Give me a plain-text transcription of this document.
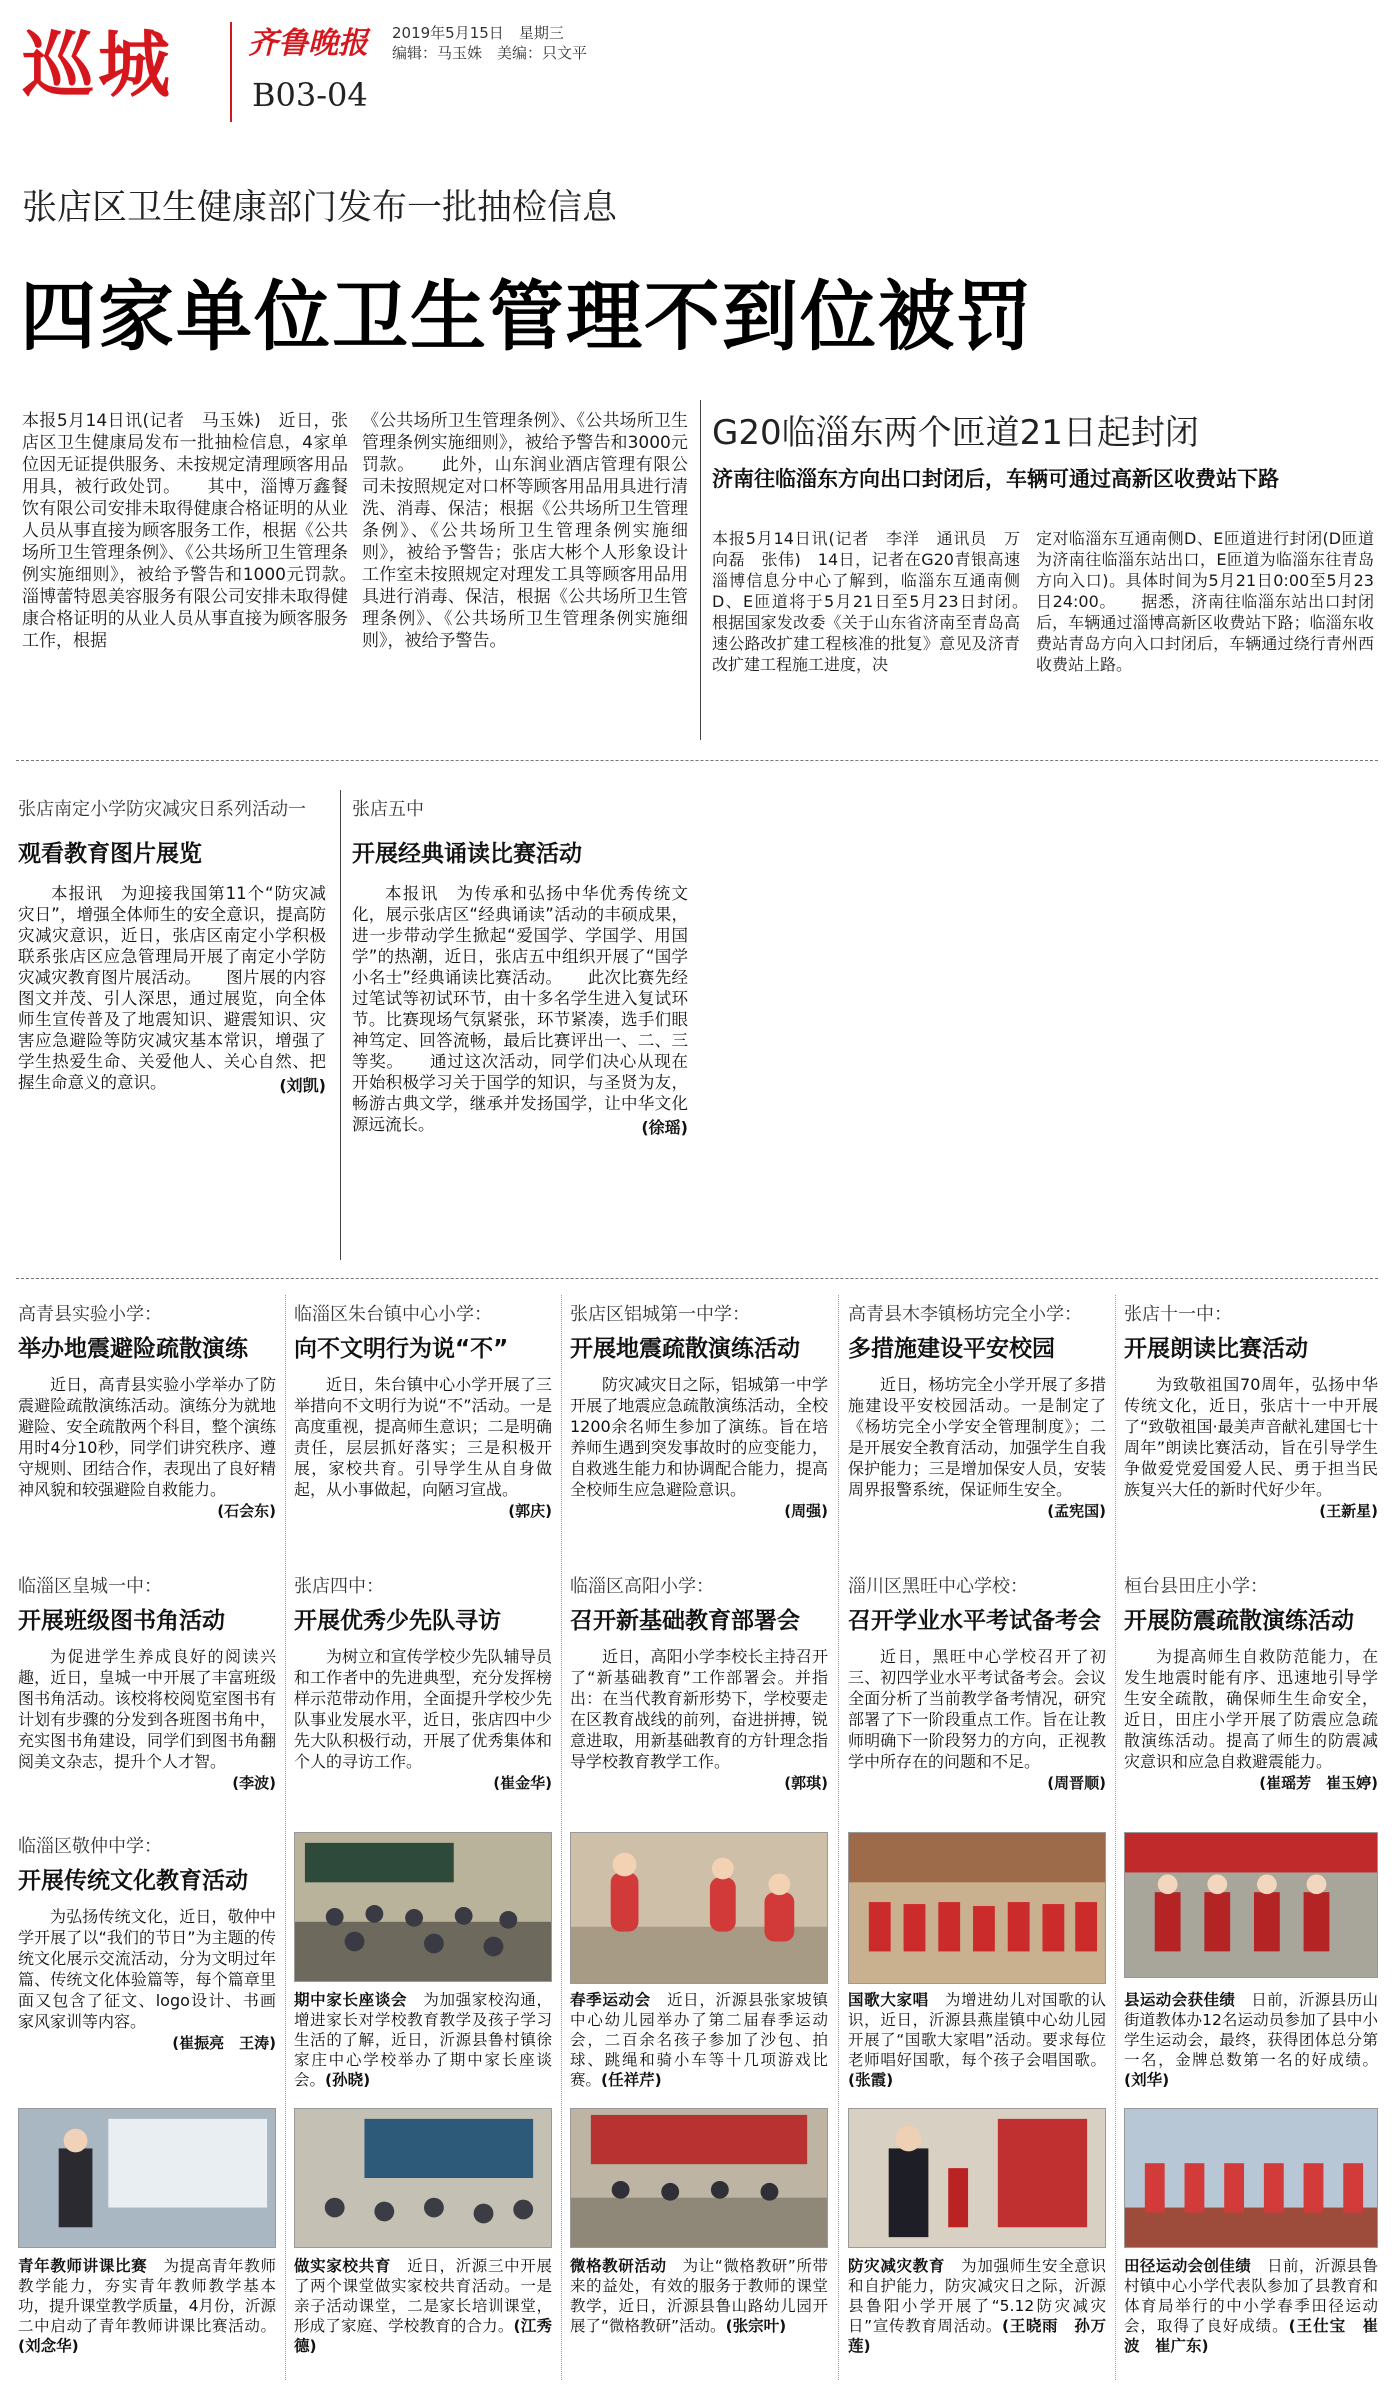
巡城 齐鲁晚报 2019年5月15日　 星期三
编辑：马玉姝　美编：只文平
B03-04
张店区卫生健康部门发布一批抽检信息
四家单位卫生管理不到位被罚
本报5月14日讯(记者　马玉姝)　近日，张店区卫生健康局发布一批抽检信息，4家单位因无证提供服务、未按规定清理顾客用品用具，被行政处罚。　　其中，淄博万鑫餐饮有限公司安排未取得健康合格证明的从业人员从事直接为顾客服务工作，根据《公共场所卫生管理条例》、《公共场所卫生管理条例实施细则》，被给予警告和1000元罚款。　　淄博蕾特恩美容服务有限公司安排未取得健康合格证明的从业人员从事直接为顾客服务工作，根据
《公共场所卫生管理条例》、《公共场所卫生管理条例实施细则》，被给予警告和3000元罚款。　　此外，山东润业酒店管理有限公司未按照规定对口杯等顾客用品用具进行清洗、消毒、保洁；根据《公共场所卫生管理条例》、《公共场所卫生管理条例实施细则》，被给予警告；张店大彬个人形象设计工作室未按照规定对理发工具等顾客用品用具进行消毒、保洁，根据《公共场所卫生管理条例》、《公共场所卫生管理条例实施细则》，被给予警告。
G20临淄东两个匝道21日起封闭
济南往临淄东方向出口封闭后，车辆可通过高新区收费站下路
本报5月14日讯(记者　李洋　通讯员　万向磊　张伟)　14日，记者在G20青银高速淄博信息分中心了解到，临淄东互通南侧D、E匝道将于5月21日至5月23日封闭。　　根据国家发改委《关于山东省济南至青岛高速公路改扩建工程核准的批复》意见及济青改扩建工程施工进度，决
定对临淄东互通南侧D、E匝道进行封闭(D匝道为济南往临淄东站出口，E匝道为临淄东往青岛方向入口)。具体时间为5月21日0:00至5月23日24:00。　　据悉，济南往临淄东站出口封闭后，车辆通过淄博高新区收费站下路；临淄东收费站青岛方向入口封闭后，车辆通过绕行青州西收费站上路。
张店南定小学防灾减灾日系列活动一
观看教育图片展览
本报讯　为迎接我国第11个“防灾减灾日”，增强全体师生的安全意识，提高防灾减灾意识，近日，张店区南定小学积极联系张店区应急管理局开展了南定小学防灾减灾教育图片展活动。　　图片展的内容图文并茂、引人深思，通过展览，向全体师生宣传普及了地震知识、避震知识、灾害应急避险等防灾减灾基本常识，增强了学生热爱生命、关爱他人、关心自然、把握生命意义的意识。	(刘凯)
张店五中
开展经典诵读比赛活动
本报讯　为传承和弘扬中华优秀传统文化，展示张店区“经典诵读”活动的丰硕成果，进一步带动学生掀起“爱国学、学国学、用国学”的热潮，近日，张店五中组织开展了“国学小名士”经典诵读比赛活动。　　此次比赛先经过笔试等初试环节，由十多名学生进入复试环节。比赛现场气氛紧张，环节紧凑，选手们眼神笃定、回答流畅，最后比赛评出一、二、三等奖。　　通过这次活动，同学们决心从现在开始积极学习关于国学的知识，与圣贤为友，畅游古典文学，继承并发扬国学，让中华文化源远流长。	(徐瑶)
高青县实验小学：
举办地震避险疏散演练
近日，高青县实验小学举办了防震避险疏散演练活动。演练分为就地避险、安全疏散两个科目，整个演练用时4分10秒，同学们讲究秩序、遵守规则、团结合作，表现出了良好精神风貌和较强避险自救能力。
(石会东)
临淄区朱台镇中心小学：
向不文明行为说“不”
近日，朱台镇中心小学开展了三举措向不文明行为说“不”活动。一是高度重视，提高师生意识；二是明确责任，层层抓好落实；三是积极开展，家校共育。引导学生从自身做起，从小事做起，向陋习宣战。
(郭庆)
张店区铝城第一中学：
开展地震疏散演练活动
防灾减灾日之际，铝城第一中学开展了地震应急疏散演练活动，全校1200余名师生参加了演练。旨在培养师生遇到突发事故时的应变能力，自救逃生能力和协调配合能力，提高全校师生应急避险意识。
(周强)
高青县木李镇杨坊完全小学：
多措施建设平安校园
近日，杨坊完全小学开展了多措施建设平安校园活动。一是制定了《杨坊完全小学安全管理制度》；二是开展安全教育活动，加强学生自我保护能力；三是增加保安人员，安装周界报警系统，保证师生安全。
(孟宪国)
张店十一中：
开展朗读比赛活动
为致敬祖国70周年，弘扬中华传统文化，近日，张店十一中开展了“致敬祖国·最美声音献礼建国七十周年”朗读比赛活动，旨在引导学生争做爱党爱国爱人民、勇于担当民族复兴大任的新时代好少年。
(王新星)
临淄区皇城一中：
开展班级图书角活动
为促进学生养成良好的阅读兴趣，近日，皇城一中开展了丰富班级图书角活动。该校将校阅览室图书有计划有步骤的分发到各班图书角中，充实图书角建设，同学们到图书角翻阅美文杂志，提升个人才智。
(李波)
张店四中：
开展优秀少先队寻访
为树立和宣传学校少先队辅导员和工作者中的先进典型，充分发挥榜样示范带动作用，全面提升学校少先队事业发展水平，近日，张店四中少先大队积极行动，开展了优秀集体和个人的寻访工作。
(崔金华)
临淄区高阳小学：
召开新基础教育部署会
近日，高阳小学李校长主持召开了“新基础教育”工作部署会。并指出：在当代教育新形势下，学校要走在区教育战线的前列，奋进拼搏，锐意进取，用新基础教育的方针理念指导学校教育教学工作。
(郭琪)
淄川区黑旺中心学校：
召开学业水平考试备考会
近日，黑旺中心学校召开了初三、初四学业水平考试备考会。会议全面分析了当前教学备考情况，研究部署了下一阶段重点工作。旨在让教师明确下一阶段努力的方向，正视教学中所存在的问题和不足。
(周晋顺)
桓台县田庄小学：
开展防震疏散演练活动
为提高师生自救防范能力，在发生地震时能有序、迅速地引导学生安全疏散，确保师生生命安全，近日，田庄小学开展了防震应急疏散演练活动。提高了师生的防震减灾意识和应急自救避震能力。
(崔瑶芳　崔玉婷)
临淄区敬仲中学：
开展传统文化教育活动
为弘扬传统文化，近日，敬仲中学开展了以“我们的节日”为主题的传统文化展示交流活动，分为文明过年篇、传统文化体验篇等，每个篇章里面又包含了征文、logo设计、书画家风家训等内容。
(崔振亮　王涛)
期中家长座谈会　 为加强家校沟通，增进家长对学校教育教学及孩子学习生活的了解，近日，沂源县鲁村镇徐家庄中心学校举办了期中家长座谈会。(孙晓)
春季运动会　 近日，沂源县张家坡镇中心幼儿园举办了第二届春季运动会，二百余名孩子参加了沙包、拍球、跳绳和骑小车等十几项游戏比赛。(任祥芹)
国歌大家唱　 为增进幼儿对国歌的认识，近日，沂源县燕崖镇中心幼儿园开展了“国歌大家唱”活动。要求每位老师唱好国歌，每个孩子会唱国歌。(张霞)
县运动会获佳绩　 日前，沂源县历山街道教体办12名运动员参加了县中小学生运动会，最终，获得团体总分第一名，金牌总数第一名的好成绩。(刘华)
青年教师讲课比赛　 为提高青年教师教学能力，夯实青年教师教学基本功，提升课堂教学质量，4月份，沂源二中启动了青年教师讲课比赛活动。(刘念华)
做实家校共育　 近日，沂源三中开展了两个课堂做实家校共育活动。一是亲子活动课堂，二是家长培训课堂，形成了家庭、学校教育的合力。(江秀德)
微格教研活动　 为让“微格教研”所带来的益处，有效的服务于教师的课堂教学，近日，沂源县鲁山路幼儿园开展了“微格教研”活动。(张宗叶)
防灾减灾教育　 为加强师生安全意识和自护能力，防灾减灾日之际，沂源县鲁阳小学开展了“5.12防灾减灾日”宣传教育周活动。(王晓雨　孙万莲)
田径运动会创佳绩　 日前，沂源县鲁村镇中心小学代表队参加了县教育和体育局举行的中小学春季田径运动会，取得了良好成绩。(王仕宝　崔波　崔广东)
